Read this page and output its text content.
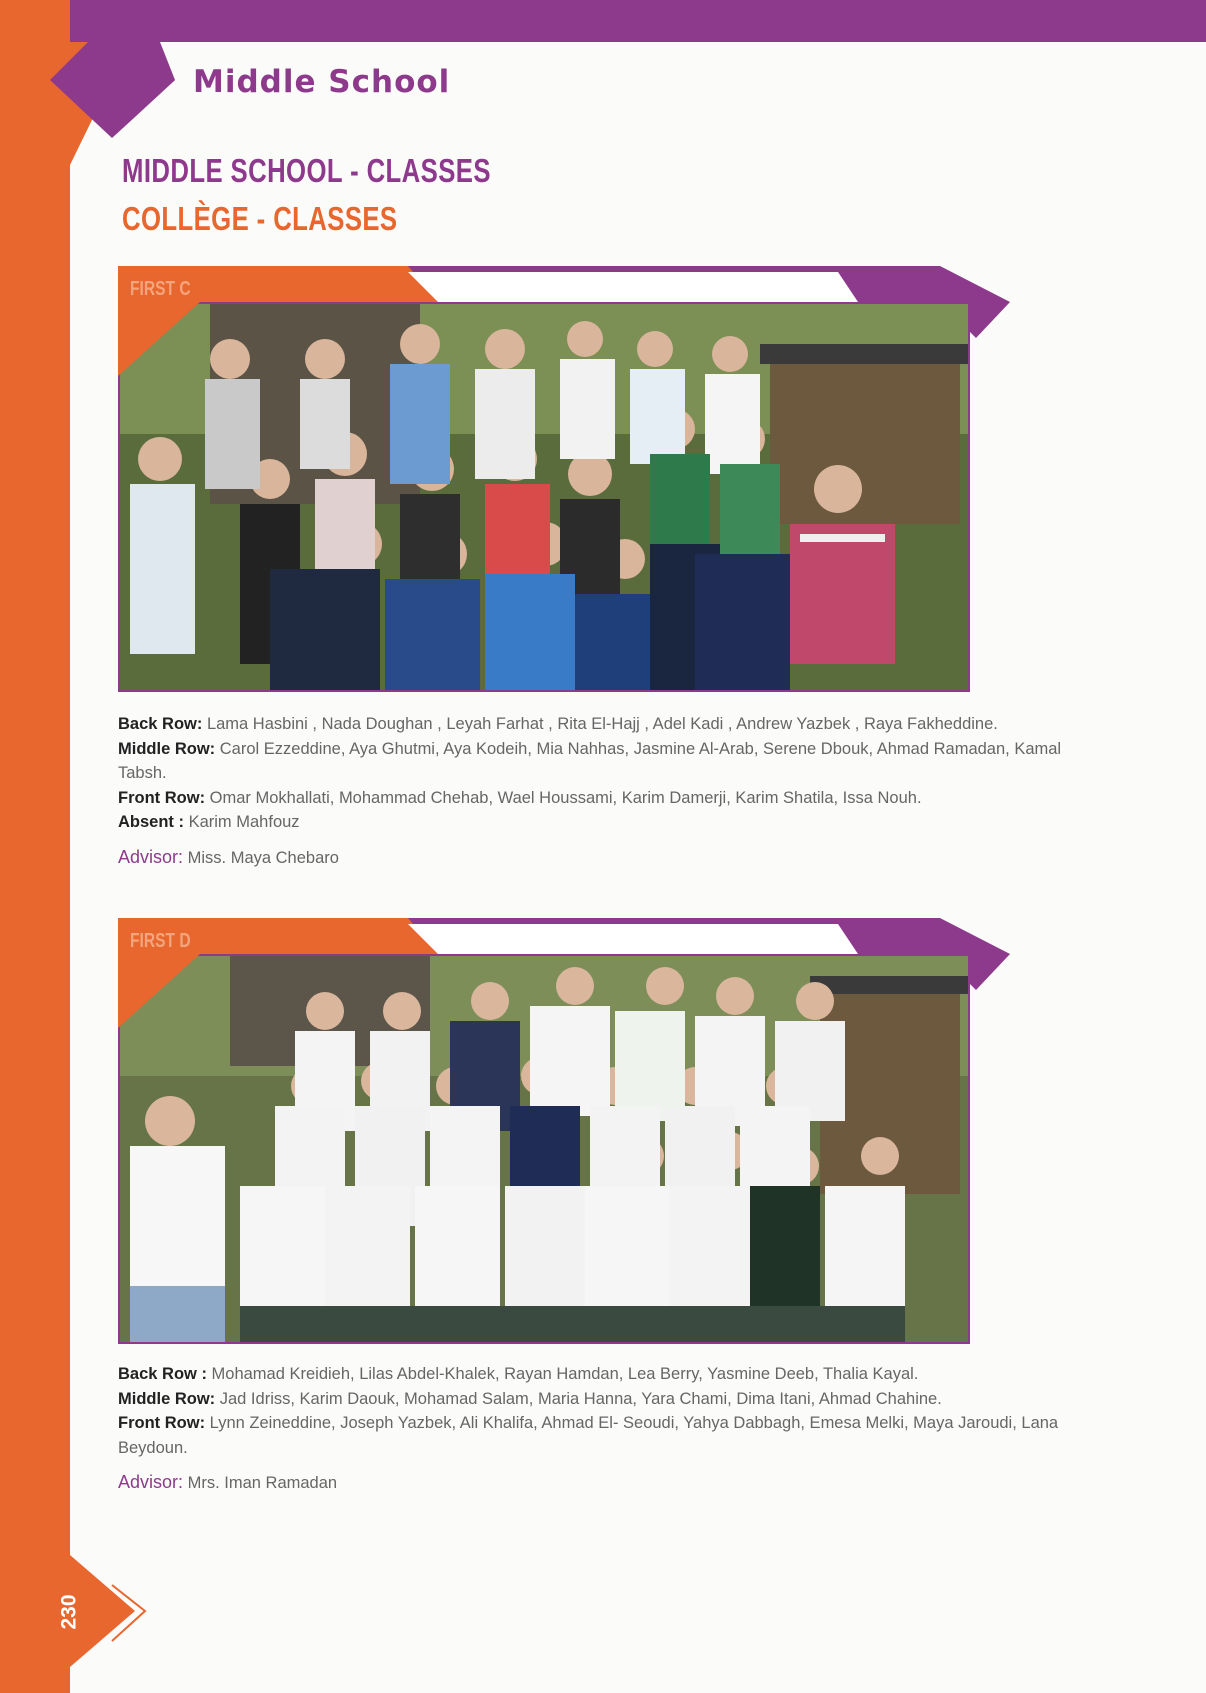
Middle School
MIDDLE SCHOOL - CLASSES
COLLÈGE - CLASSES
FIRST C

Back Row: Lama Hasbini , Nada Doughan , Leyah Farhat , Rita El-Hajj , Adel Kadi , Andrew Yazbek , Raya Fakheddine.

Middle Row: Carol Ezzeddine, Aya Ghutmi, Aya Kodeih, Mia Nahhas, Jasmine Al-Arab, Serene Dbouk, Ahmad Ramadan, Kamal Tabsh.

Front Row: Omar Mokhallati, Mohammad Chehab, Wael Houssami, Karim Damerji, Karim Shatila, Issa Nouh.

Absent : Karim Mahfouz

Advisor: Miss. Maya Chebaro

FIRST D

Back Row : Mohamad Kreidieh, Lilas Abdel-Khalek, Rayan Hamdan, Lea Berry, Yasmine Deeb, Thalia Kayal.

Middle Row: Jad Idriss, Karim Daouk, Mohamad Salam, Maria Hanna, Yara Chami, Dima Itani, Ahmad Chahine.

Front Row: Lynn Zeineddine, Joseph Yazbek, Ali Khalifa, Ahmad El- Seoudi, Yahya Dabbagh, Emesa Melki, Maya Jaroudi, Lana Beydoun.

Advisor: Mrs. Iman Ramadan

230
